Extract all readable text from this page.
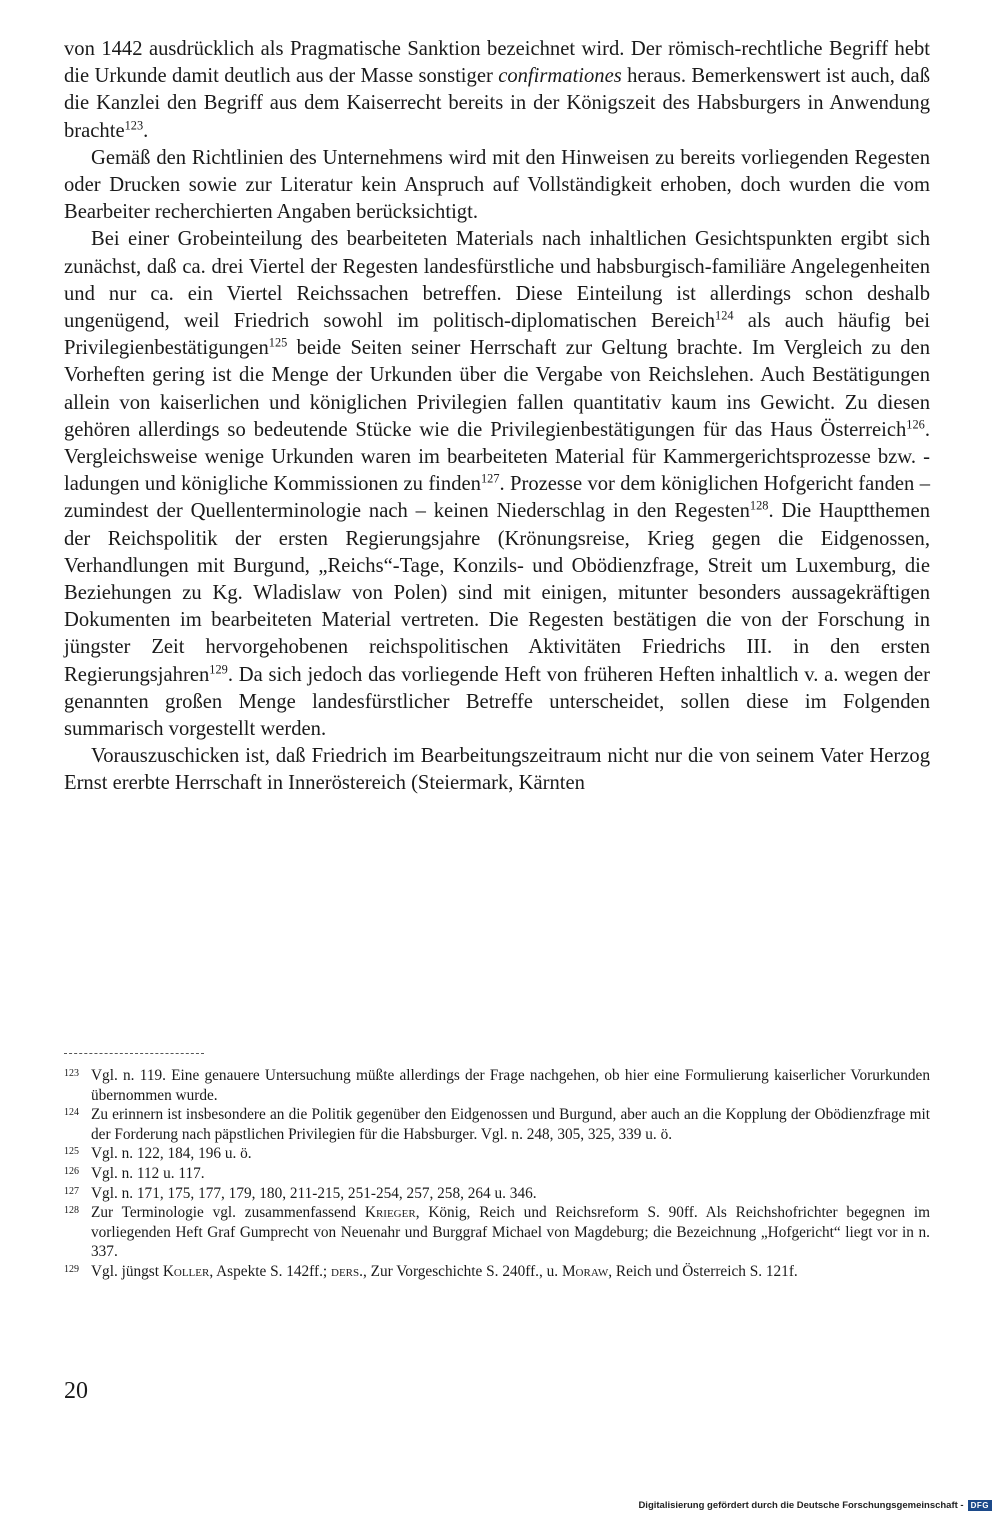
von 1442 ausdrücklich als Pragmatische Sanktion bezeichnet wird. Der römisch-rechtliche Begriff hebt die Urkunde damit deutlich aus der Masse sonstiger confirmationes heraus. Bemerkenswert ist auch, daß die Kanzlei den Begriff aus dem Kaiserrecht bereits in der Königszeit des Habsburgers in Anwendung brachte$^{123}$.

Gemäß den Richtlinien des Unternehmens wird mit den Hinweisen zu bereits vorliegenden Regesten oder Drucken sowie zur Literatur kein Anspruch auf Vollständigkeit erhoben, doch wurden die vom Bearbeiter recherchierten Angaben berücksichtigt.

Bei einer Grobeinteilung des bearbeiteten Materials nach inhaltlichen Gesichtspunkten ergibt sich zunächst, daß ca. drei Viertel der Regesten landesfürstliche und habsburgisch-familiäre Angelegenheiten und nur ca. ein Viertel Reichssachen betreffen. Diese Einteilung ist allerdings schon deshalb ungenügend, weil Friedrich sowohl im politisch-diplomatischen Bereich$^{124}$ als auch häufig bei Privilegienbestätigungen$^{125}$ beide Seiten seiner Herrschaft zur Geltung brachte. Im Vergleich zu den Vorheften gering ist die Menge der Urkunden über die Vergabe von Reichslehen. Auch Bestätigungen allein von kaiserlichen und königlichen Privilegien fallen quantitativ kaum ins Gewicht. Zu diesen gehören allerdings so bedeutende Stücke wie die Privilegienbestätigungen für das Haus Österreich$^{126}$. Vergleichsweise wenige Urkunden waren im bearbeiteten Material für Kammergerichtsprozesse bzw. -ladungen und königliche Kommissionen zu finden$^{127}$. Prozesse vor dem königlichen Hofgericht fanden – zumindest der Quellenterminologie nach – keinen Niederschlag in den Regesten$^{128}$. Die Hauptthemen der Reichspolitik der ersten Regierungsjahre (Krönungsreise, Krieg gegen die Eidgenossen, Verhandlungen mit Burgund, „Reichs“-Tage, Konzils- und Obödienzfrage, Streit um Luxemburg, die Beziehungen zu Kg. Wladislaw von Polen) sind mit einigen, mitunter besonders aussagekräftigen Dokumenten im bearbeiteten Material vertreten. Die Regesten bestätigen die von der Forschung in jüngster Zeit hervorgehobenen reichspolitischen Aktivitäten Friedrichs III. in den ersten Regierungsjahren$^{129}$. Da sich jedoch das vorliegende Heft von früheren Heften inhaltlich v. a. wegen der genannten großen Menge landesfürstlicher Betreffe unterscheidet, sollen diese im Folgenden summarisch vorgestellt werden.

Vorauszuschicken ist, daß Friedrich im Bearbeitungszeitraum nicht nur die von seinem Vater Herzog Ernst ererbte Herrschaft in Inneröstereich (Steiermark, Kärnten

123 Vgl. n. 119. Eine genauere Untersuchung müßte allerdings der Frage nachgehen, ob hier eine Formulierung kaiserlicher Vorurkunden übernommen wurde.
124 Zu erinnern ist insbesondere an die Politik gegenüber den Eidgenossen und Burgund, aber auch an die Kopplung der Obödienzfrage mit der Forderung nach päpstlichen Privilegien für die Habsburger. Vgl. n. 248, 305, 325, 339 u. ö.
125 Vgl. n. 122, 184, 196 u. ö.
126 Vgl. n. 112 u. 117.
127 Vgl. n. 171, 175, 177, 179, 180, 211-215, 251-254, 257, 258, 264 u. 346.
128 Zur Terminologie vgl. zusammenfassend Krieger, König, Reich und Reichsreform S. 90ff. Als Reichshofrichter begegnen im vorliegenden Heft Graf Gumprecht von Neuenahr und Burggraf Michael von Magdeburg; die Bezeichnung „Hofgericht“ liegt vor in n. 337.
129 Vgl. jüngst Koller, Aspekte S. 142ff.; ders., Zur Vorgeschichte S. 240ff., u. Moraw, Reich und Österreich S. 121f.
20
Digitalisierung gefördert durch die Deutsche Forschungsgemeinschaft - DFG
